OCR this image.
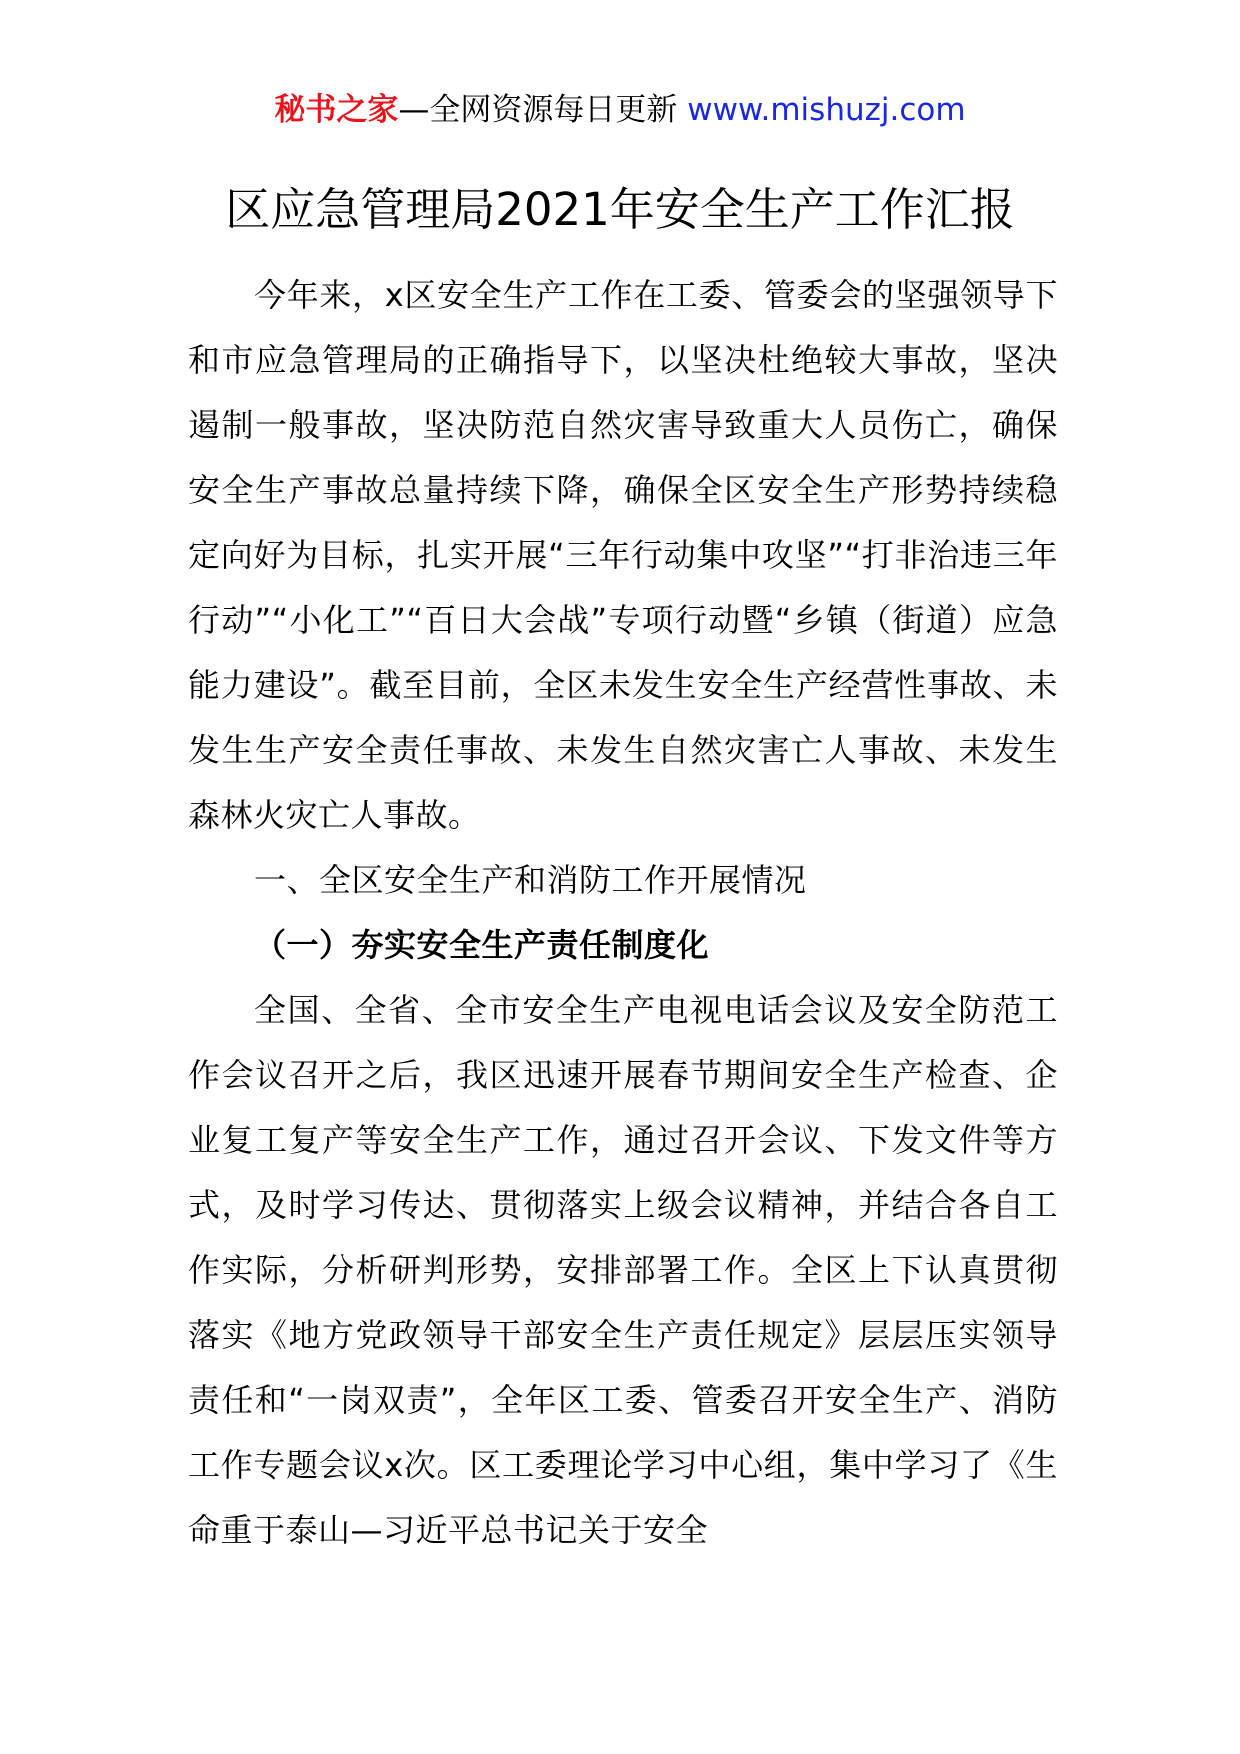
秘书之家—全网资源每日更新 www.mishuzj.com
区应急管理局2021年安全生产工作汇报

今年来，x区安全生产工作在工委、管委会的坚强领导下和市应急管理局的正确指导下，以坚决杜绝较大事故，坚决遏制一般事故，坚决防范自然灾害导致重大人员伤亡，确保安全生产事故总量持续下降，确保全区安全生产形势持续稳定向好为目标，扎实开展“三年行动集中攻坚”“打非治违三年行动”“小化工”“百日大会战”专项行动暨“乡镇（街道）应急能力建设”。截至目前，全区未发生安全生产经营性事故、未发生生产安全责任事故、未发生自然灾害亡人事故、未发生森林火灾亡人事故。

一、全区安全生产和消防工作开展情况

（一）夯实安全生产责任制度化

全国、全省、全市安全生产电视电话会议及安全防范工作会议召开之后，我区迅速开展春节期间安全生产检查、企业复工复产等安全生产工作，通过召开会议、下发文件等方式，及时学习传达、贯彻落实上级会议精神，并结合各自工作实际，分析研判形势，安排部署工作。全区上下认真贯彻落实《地方党政领导干部安全生产责任规定》层层压实领导责任和“一岗双责”，全年区工委、管委召开安全生产、消防工作专题会议x次。区工委理论学习中心组，集中学习了《生命重于泰山—习近平总书记关于安全
